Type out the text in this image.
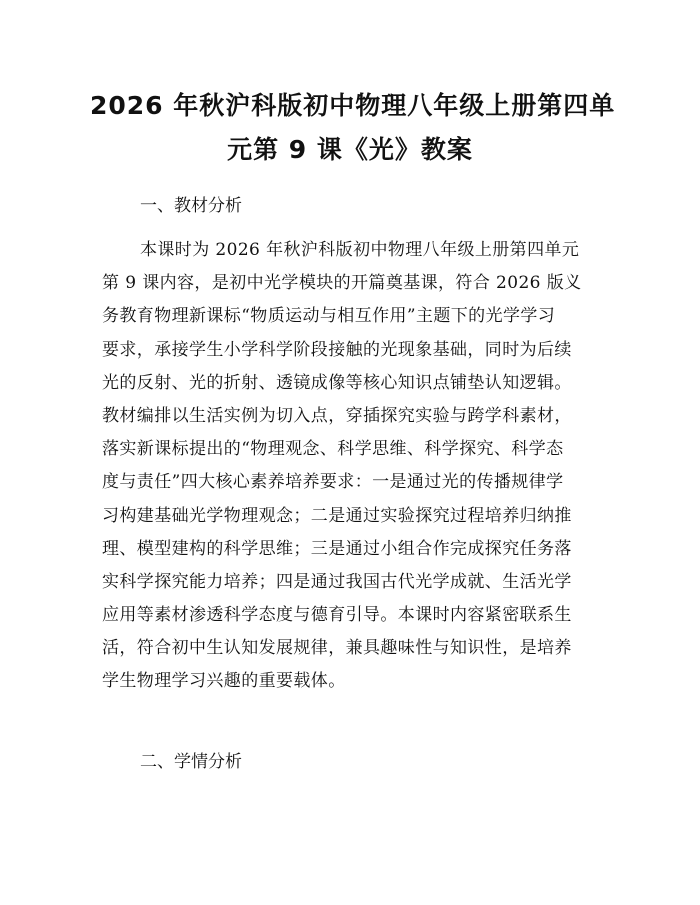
2026 年秋沪科版初中物理八年级上册第四单
元第 9 课《光》教案
一、教材分析
本课时为 2026 年秋沪科版初中物理八年级上册第四单元
第 9 课内容，是初中光学模块的开篇奠基课，符合 2026 版义
务教育物理新课标“物质运动与相互作用”主题下的光学学习
要求，承接学生小学科学阶段接触的光现象基础，同时为后续
光的反射、光的折射、透镜成像等核心知识点铺垫认知逻辑。
教材编排以生活实例为切入点，穿插探究实验与跨学科素材，
落实新课标提出的“物理观念、科学思维、科学探究、科学态
度与责任”四大核心素养培养要求：一是通过光的传播规律学
习构建基础光学物理观念；二是通过实验探究过程培养归纳推
理、模型建构的科学思维；三是通过小组合作完成探究任务落
实科学探究能力培养；四是通过我国古代光学成就、生活光学
应用等素材渗透科学态度与德育引导。本课时内容紧密联系生
活，符合初中生认知发展规律，兼具趣味性与知识性，是培养
学生物理学习兴趣的重要载体。
二、学情分析
